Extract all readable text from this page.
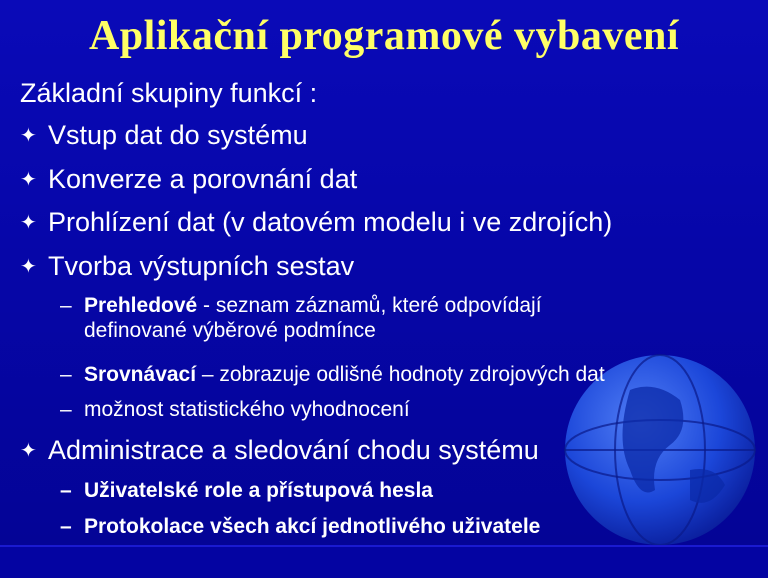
Aplikační programové vybavení
Základní skupiny funkcí :
✦ Vstup dat do systému
✦ Konverze a porovnání dat
✦ Prohlízení dat (v datovém modelu i ve zdrojích)
✦ Tvorba výstupních sestav
– Prehledové - seznam záznamů, které odpovídají
definované výběrové podmínce
– Srovnávací – zobrazuje odlišné hodnoty zdrojových dat
– možnost statistického vyhodnocení
✦ Administrace a sledování chodu systému
– Uživatelské role a přístupová hesla
– Protokolace všech akcí jednotlivého uživatele
